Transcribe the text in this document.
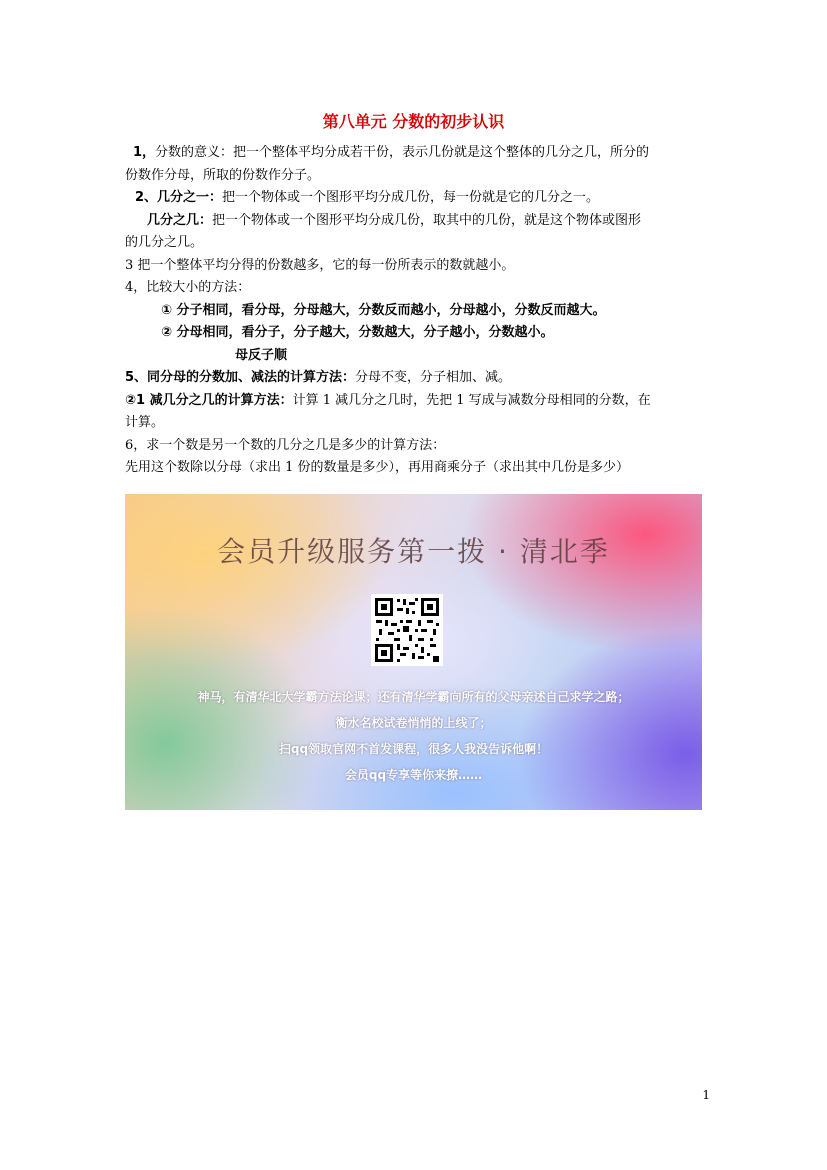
第八单元 分数的初步认识

1，分数的意义：把一个整体平均分成若干份，表示几份就是这个整体的几分之几，所分的

份数作分母，所取的份数作分子。

2、几分之一：把一个物体或一个图形平均分成几份，每一份就是它的几分之一。

几分之几：把一个物体或一个图形平均分成几份，取其中的几份，就是这个物体或图形

的几分之几。

3 把一个整体平均分得的份数越多，它的每一份所表示的数就越小。

4，比较大小的方法：

① 分子相同，看分母，分母越大，分数反而越小，分母越小，分数反而越大。

② 分母相同，看分子，分子越大，分数越大，分子越小，分数越小。

母反子顺

5、同分母的分数加、减法的计算方法：分母不变，分子相加、减。

②1 减几分之几的计算方法：计算 1 减几分之几时，先把 1 写成与减数分母相同的分数，在

计算。

6，求一个数是另一个数的几分之几是多少的计算方法：

先用这个数除以分母（求出 1 份的数量是多少），再用商乘分子（求出其中几份是多少）

会员升级服务第一拨 · 清北季

神马，有清华北大学霸方法论课；还有清华学霸向所有的父母亲述自己求学之路；

衡水名校试卷悄悄的上线了；

扫qq领取官网不首发课程，很多人我没告诉他啊！

会员qq专享等你来撩……

1
